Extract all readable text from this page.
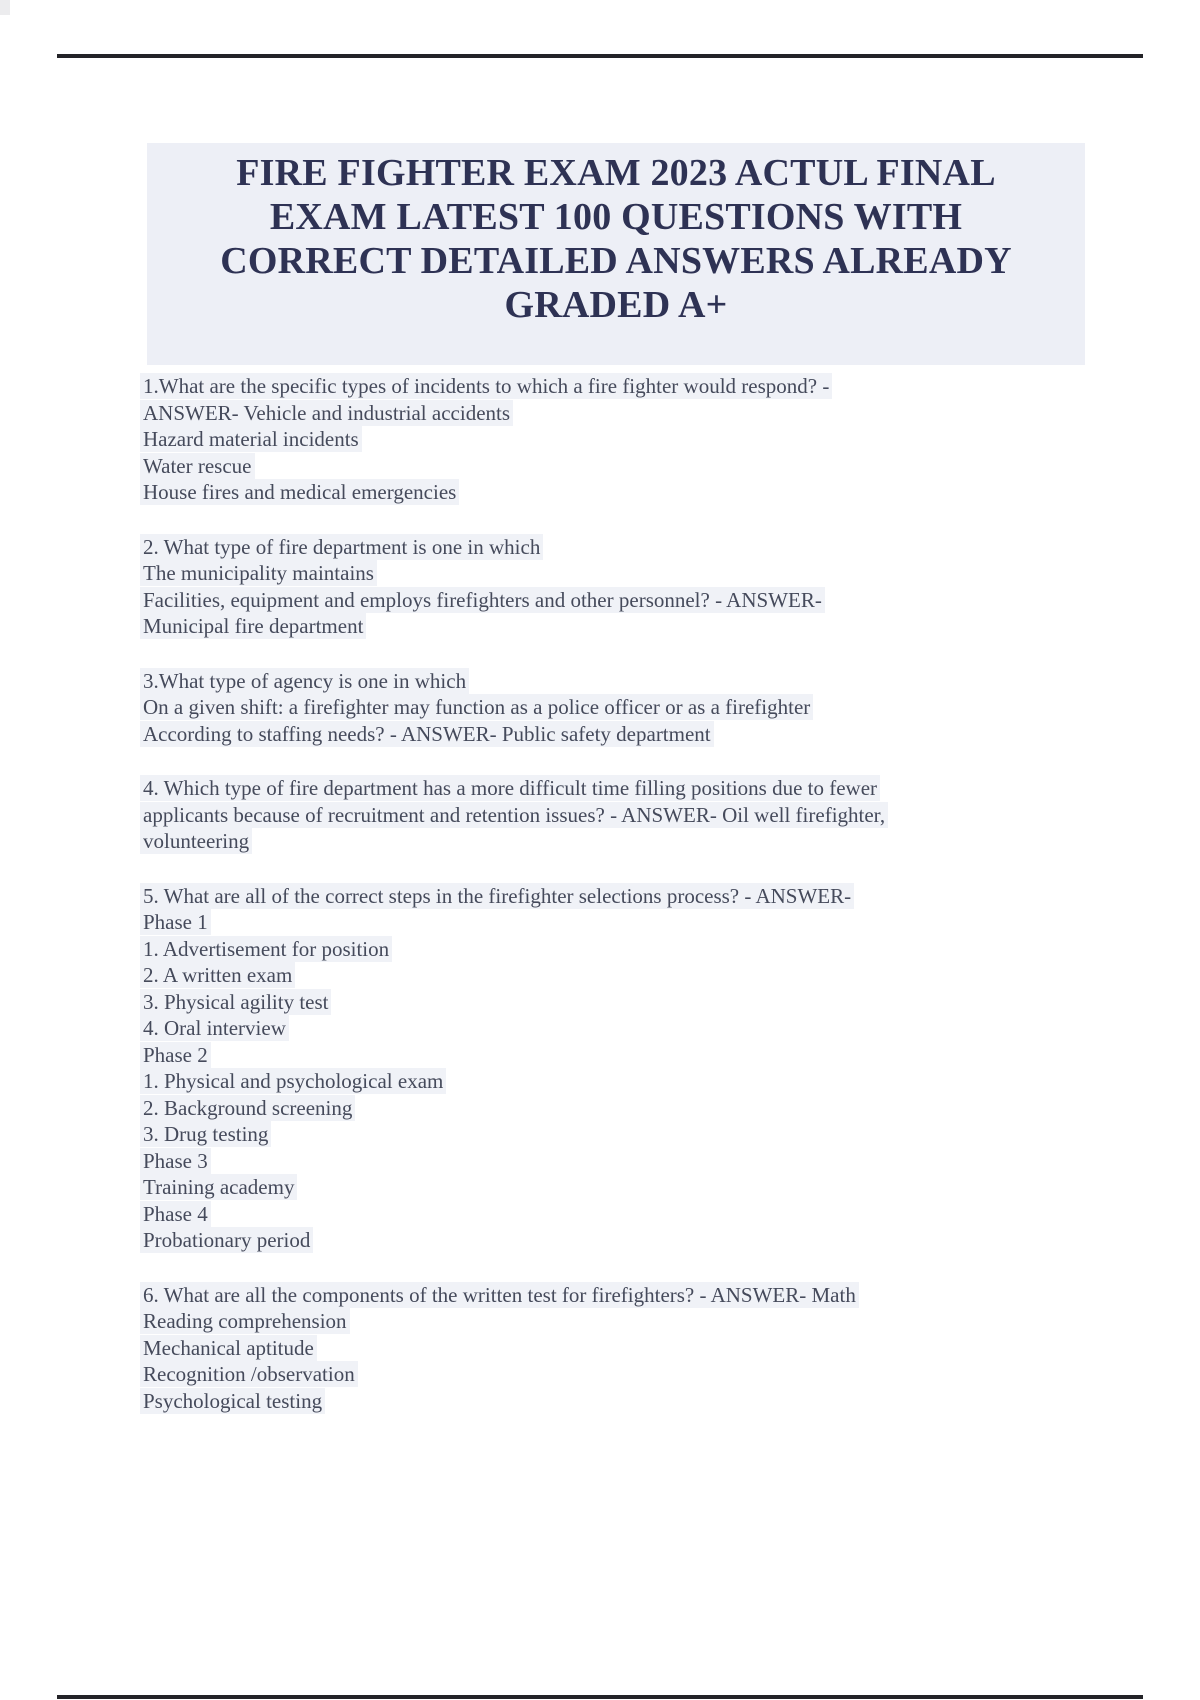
FIRE FIGHTER EXAM 2023 ACTUL FINAL
EXAM LATEST 100 QUESTIONS WITH
CORRECT DETAILED ANSWERS ALREADY
GRADED A+

1.What are the specific types of incidents to which a fire fighter would respond? -
ANSWER- Vehicle and industrial accidents
Hazard material incidents
Water rescue
House fires and medical emergencies

2. What type of fire department is one in which
The municipality maintains
Facilities, equipment and employs firefighters and other personnel? - ANSWER-
Municipal fire department

3.What type of agency is one in which
On a given shift: a firefighter may function as a police officer or as a firefighter
According to staffing needs? - ANSWER- Public safety department

4. Which type of fire department has a more difficult time filling positions due to fewer
applicants because of recruitment and retention issues? - ANSWER- Oil well firefighter,
volunteering

5. What are all of the correct steps in the firefighter selections process? - ANSWER-
Phase 1
1. Advertisement for position
2. A written exam
3. Physical agility test
4. Oral interview
Phase 2
1. Physical and psychological exam
2. Background screening
3. Drug testing
Phase 3
Training academy
Phase 4
Probationary period

6. What are all the components of the written test for firefighters? - ANSWER- Math
Reading comprehension
Mechanical aptitude
Recognition /observation
Psychological testing
